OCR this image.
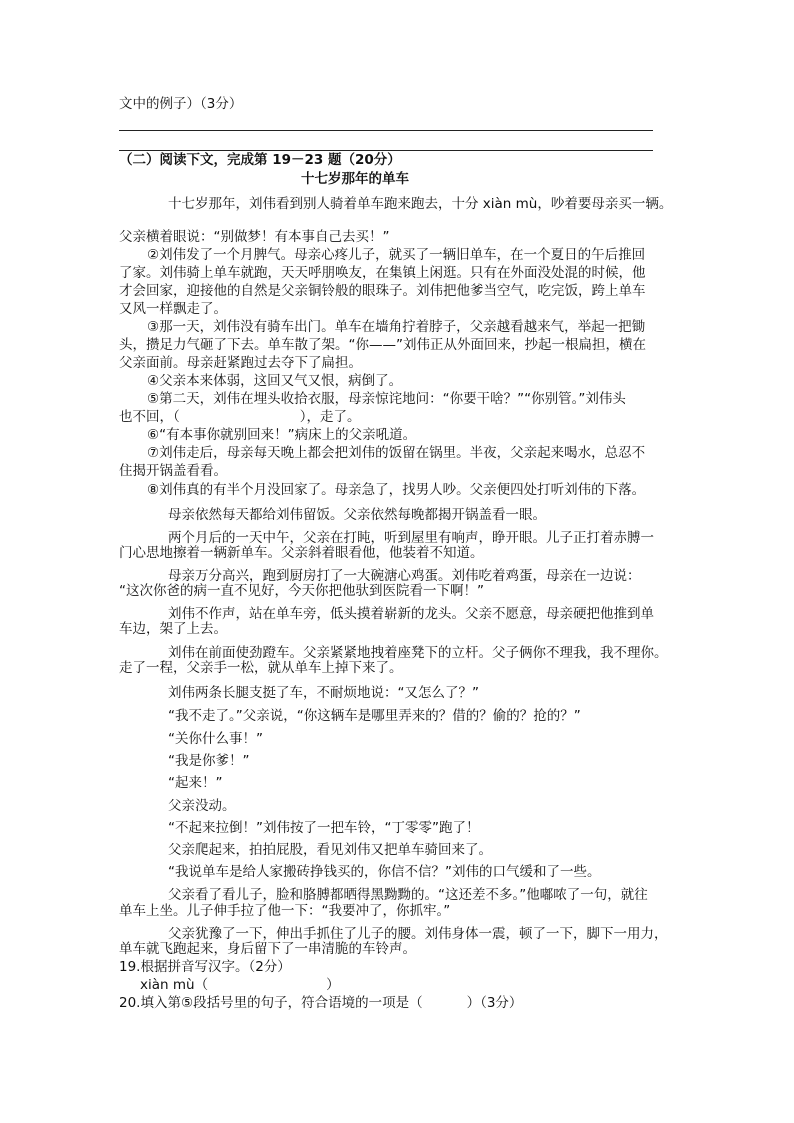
文中的例子）（3分）
（二）阅读下文，完成第 19－23 题（20分）
十七岁那年的单车
十七岁那年，刘伟看到别人骑着单车跑来跑去，十分 xiàn mù，吵着要母亲买一辆。
父亲横着眼说：“别做梦！有本事自己去买！”
②刘伟发了一个月脾气。母亲心疼儿子，就买了一辆旧单车，在一个夏日的午后推回
了家。刘伟骑上单车就跑，天天呼朋唤友，在集镇上闲逛。只有在外面没处混的时候，他
才会回家，迎接他的自然是父亲铜铃般的眼珠子。刘伟把他爹当空气，吃完饭，跨上单车
又风一样飘走了。
③那一天，刘伟没有骑车出门。单车在墙角拧着脖子，父亲越看越来气，举起一把锄
头，攒足力气砸了下去。单车散了架。“你——”刘伟正从外面回来，抄起一根扁担，横在
父亲面前。母亲赶紧跑过去夺下了扁担。
④父亲本来体弱，这回又气又恨，病倒了。
⑤第二天，刘伟在埋头收拾衣服，母亲惊诧地问：“你要干啥？”“你别管。”刘伟头
也不回，（	），走了。
⑥“有本事你就别回来！”病床上的父亲吼道。
⑦刘伟走后，母亲每天晚上都会把刘伟的饭留在锅里。半夜，父亲起来喝水，总忍不
住揭开锅盖看看。
⑧刘伟真的有半个月没回家了。母亲急了，找男人吵。父亲便四处打听刘伟的下落。
母亲依然每天都给刘伟留饭。父亲依然每晚都揭开锅盖看一眼。
两个月后的一天中午，父亲在打盹，听到屋里有响声，睁开眼。儿子正打着赤膊一
门心思地擦着一辆新单车。父亲斜着眼看他，他装着不知道。
母亲万分高兴，跑到厨房打了一大碗溏心鸡蛋。刘伟吃着鸡蛋，母亲在一边说：
“这次你爸的病一直不见好，今天你把他驮到医院看一下啊！”
刘伟不作声，站在单车旁，低头摸着崭新的龙头。父亲不愿意，母亲硬把他推到单
车边，架了上去。
刘伟在前面使劲蹬车。父亲紧紧地拽着座凳下的立杆。父子俩你不理我，我不理你。
走了一程，父亲手一松，就从单车上掉下来了。
刘伟两条长腿支挺了车，不耐烦地说：“又怎么了？”
“我不走了。”父亲说，“你这辆车是哪里弄来的？借的？偷的？抢的？”
“关你什么事！”
“我是你爹！”
“起来！”
父亲没动。
“不起来拉倒！”刘伟按了一把车铃，“丁零零”跑了！
父亲爬起来，拍拍屁股，看见刘伟又把单车骑回来了。
“我说单车是给人家搬砖挣钱买的，你信不信？”刘伟的口气缓和了一些。
父亲看了看儿子，脸和胳膊都晒得黑黝黝的。“这还差不多。”他嘟哝了一句，就往
单车上坐。儿子伸手拉了他一下：“我要冲了，你抓牢。”
父亲犹豫了一下，伸出手抓住了儿子的腰。刘伟身体一震，顿了一下，脚下一用力，
单车就飞跑起来，身后留下了一串清脆的车铃声。
19.根据拼音写汉字。（2分）
xiàn mù（	）
20.填入第⑤段括号里的句子，符合语境的一项是（	）（3分）
